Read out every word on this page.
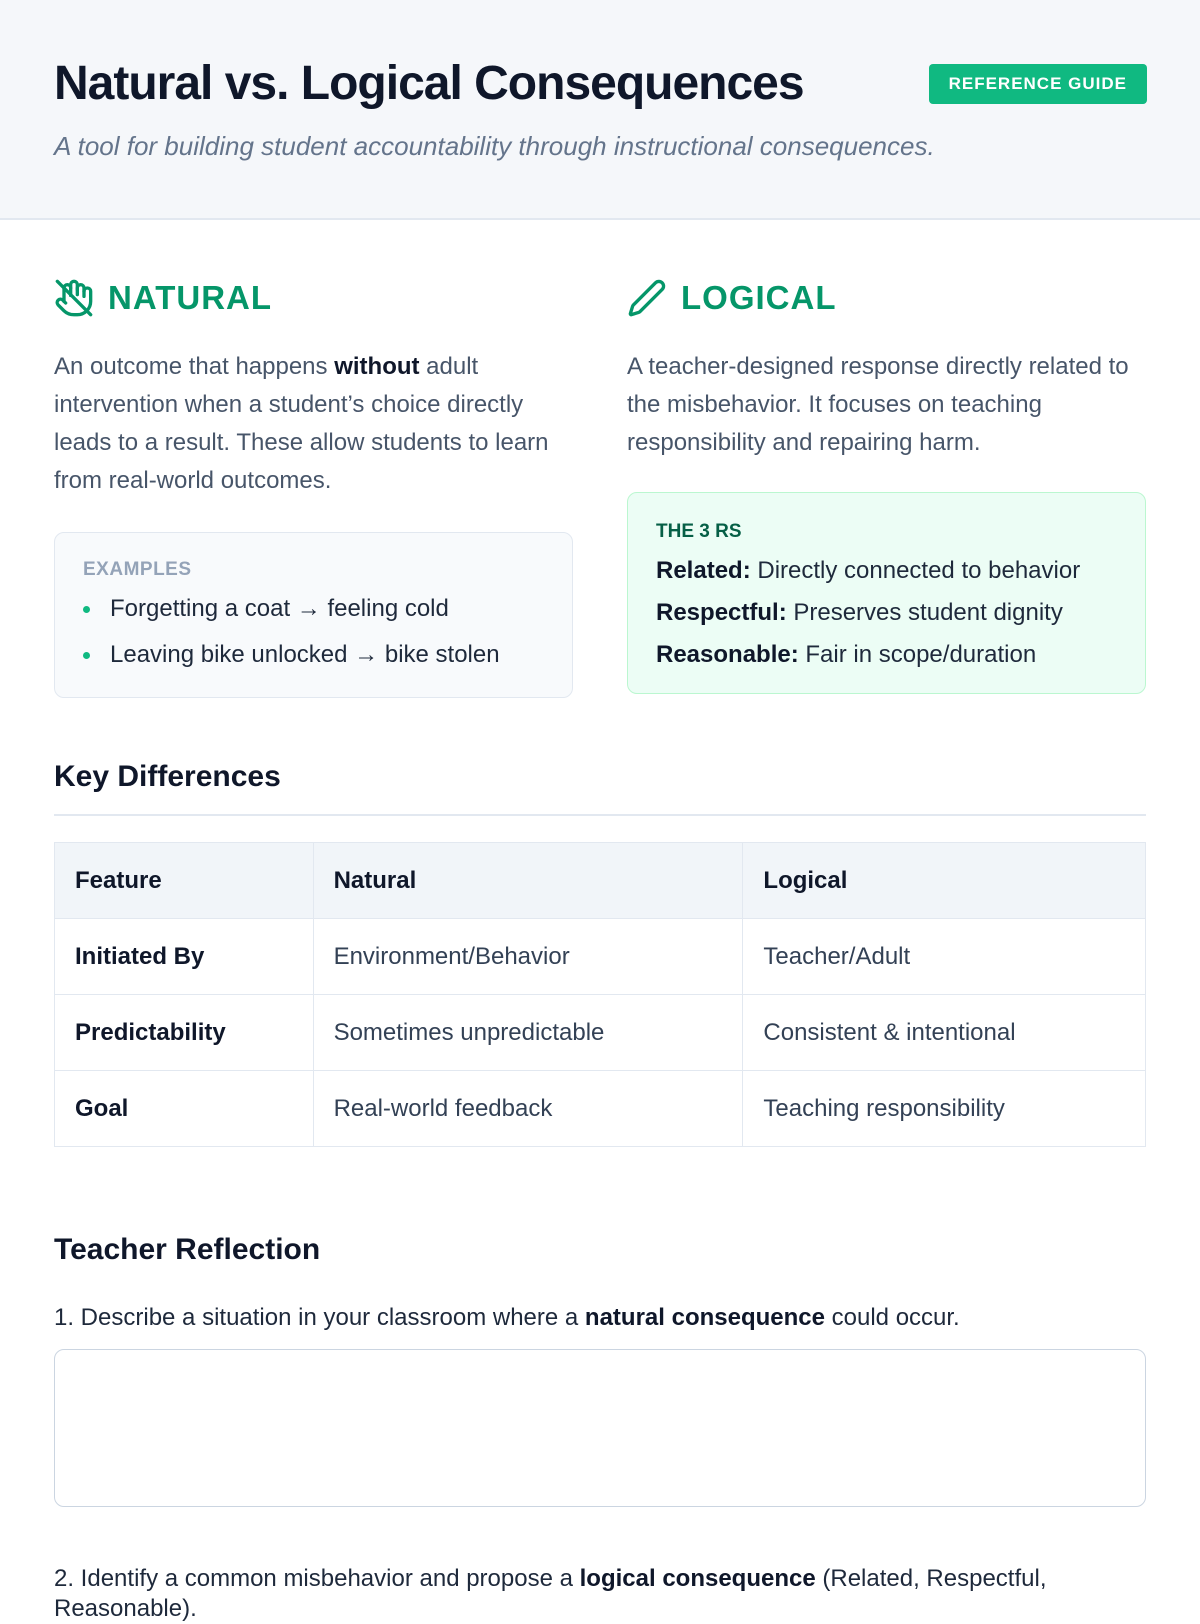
Natural vs. Logical Consequences	REFERENCE GUIDE
A tool for building student accountability through instructional consequences.
NATURAL
An outcome that happens without adult intervention when a student’s choice directly leads to a result. These allow students to learn from real-world outcomes.
EXAMPLES
Forgetting a coat → feeling cold
Leaving bike unlocked → bike stolen
LOGICAL
A teacher-designed response directly related to the misbehavior. It focuses on teaching responsibility and repairing harm.
THE 3 RS
Related: Directly connected to behavior
Respectful: Preserves student dignity
Reasonable: Fair in scope/duration
Key Differences
Feature	Natural	Logical
Initiated By	Environment/Behavior	Teacher/Adult
Predictability	Sometimes unpredictable	Consistent & intentional
Goal	Real-world feedback	Teaching responsibility
Teacher Reflection
1. Describe a situation in your classroom where a natural consequence could occur.
2. Identify a common misbehavior and propose a logical consequence (Related, Respectful, Reasonable).
